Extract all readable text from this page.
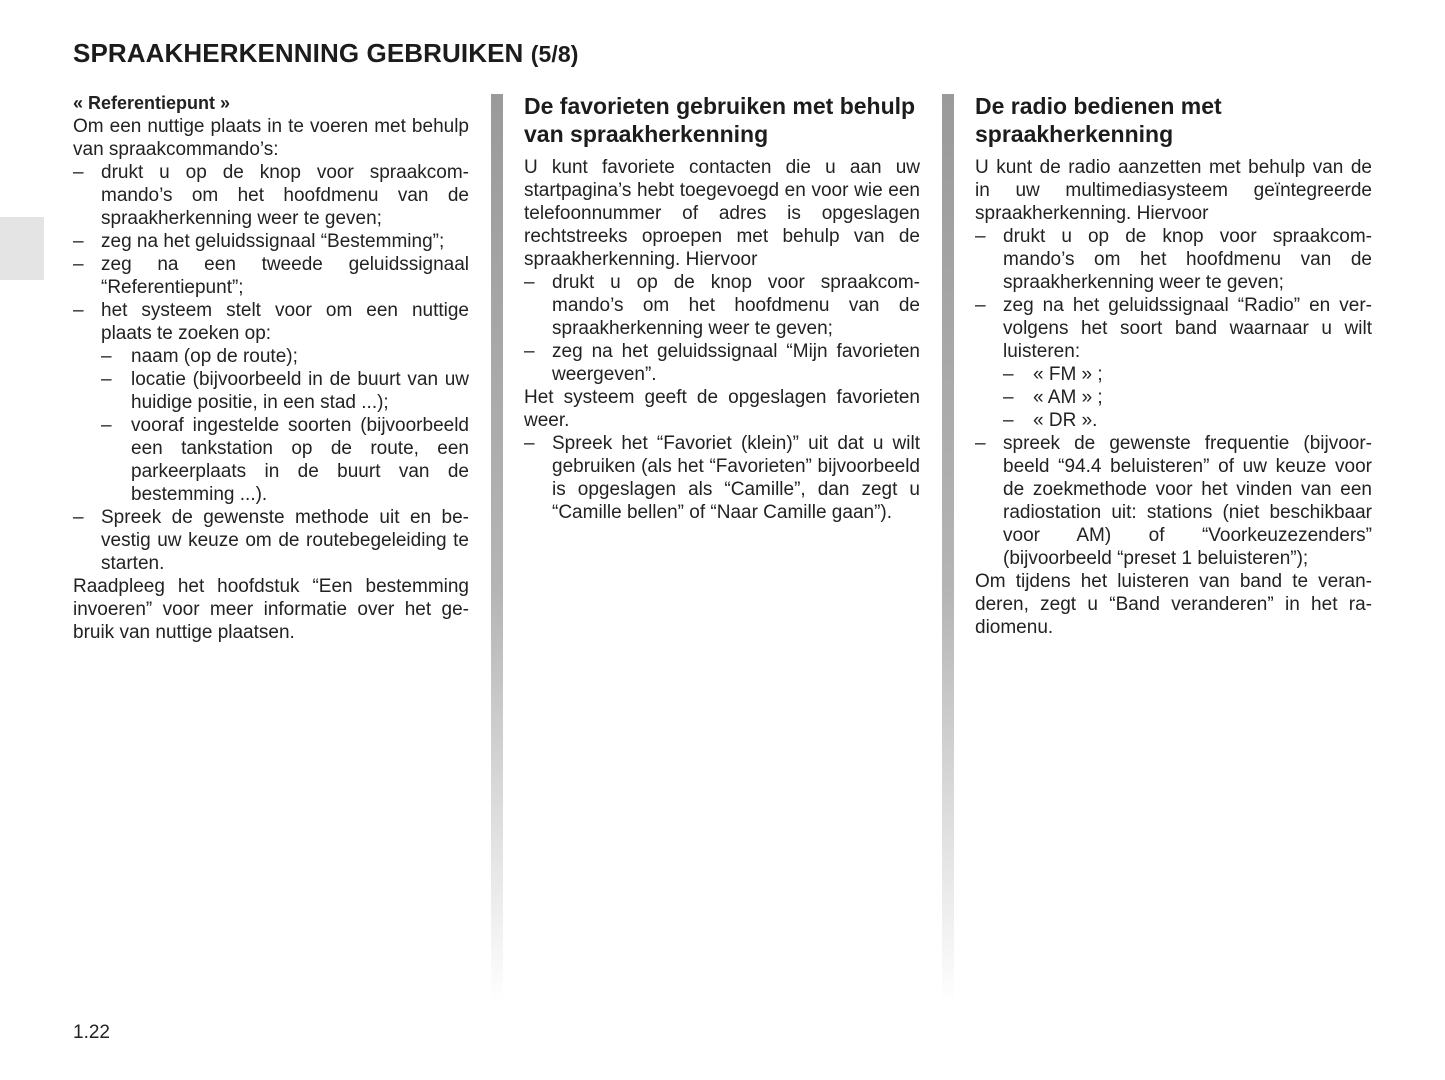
SPRAAKHERKENNING GEBRUIKEN (5/8)

« Referentiepunt »

Om een nuttige plaats in te voeren met behulp van spraakcommando’s:

– drukt u op de knop voor spraakcommando’s om het hoofdmenu van de spraakherkenning weer te geven;
– zeg na het geluidssignaal “Bestemming”;
– zeg na een tweede geluidssignaal “Referentiepunt”;
– het systeem stelt voor om een nuttige plaats te zoeken op:
– naam (op de route);
– locatie (bijvoorbeeld in de buurt van uw huidige positie, in een stad ...);
– vooraf ingestelde soorten (bijvoorbeeld een tankstation op de route, een parkeerplaats in de buurt van de bestemming ...).
– Spreek de gewenste methode uit en bevestig uw keuze om de routebegeleiding te starten.

Raadpleeg het hoofdstuk “Een bestemming invoeren” voor meer informatie over het gebruik van nuttige plaatsen.

De favorieten gebruiken met behulp van spraakherkenning

U kunt favoriete contacten die u aan uw startpagina’s hebt toegevoegd en voor wie een telefoonnummer of adres is opgeslagen rechtstreeks oproepen met behulp van de spraakherkenning. Hiervoor

– drukt u op de knop voor spraakcommando’s om het hoofdmenu van de spraakherkenning weer te geven;
– zeg na het geluidssignaal “Mijn favorieten weergeven”.

Het systeem geeft de opgeslagen favorieten weer.

– Spreek het “Favoriet (klein)” uit dat u wilt gebruiken (als het “Favorieten” bijvoorbeeld is opgeslagen als “Camille”, dan zegt u “Camille bellen” of “Naar Camille gaan”).
De radio bedienen met spraakherkenning

U kunt de radio aanzetten met behulp van de in uw multimediasysteem geïntegreerde spraakherkenning. Hiervoor

– drukt u op de knop voor spraakcommando’s om het hoofdmenu van de spraakherkenning weer te geven;
– zeg na het geluidssignaal “Radio” en vervolgens het soort band waarnaar u wilt luisteren:
– « FM » ;
– « AM » ;
– « DR ».
– spreek de gewenste frequentie (bijvoorbeeld “94.4 beluisteren” of uw keuze voor de zoekmethode voor het vinden van een radiostation uit: stations (niet beschikbaar voor AM) of “Voorkeuzezenders” (bijvoorbeeld “preset 1 beluisteren”);

Om tijdens het luisteren van band te veranderen, zegt u “Band veranderen” in het radiomenu.

1.22
